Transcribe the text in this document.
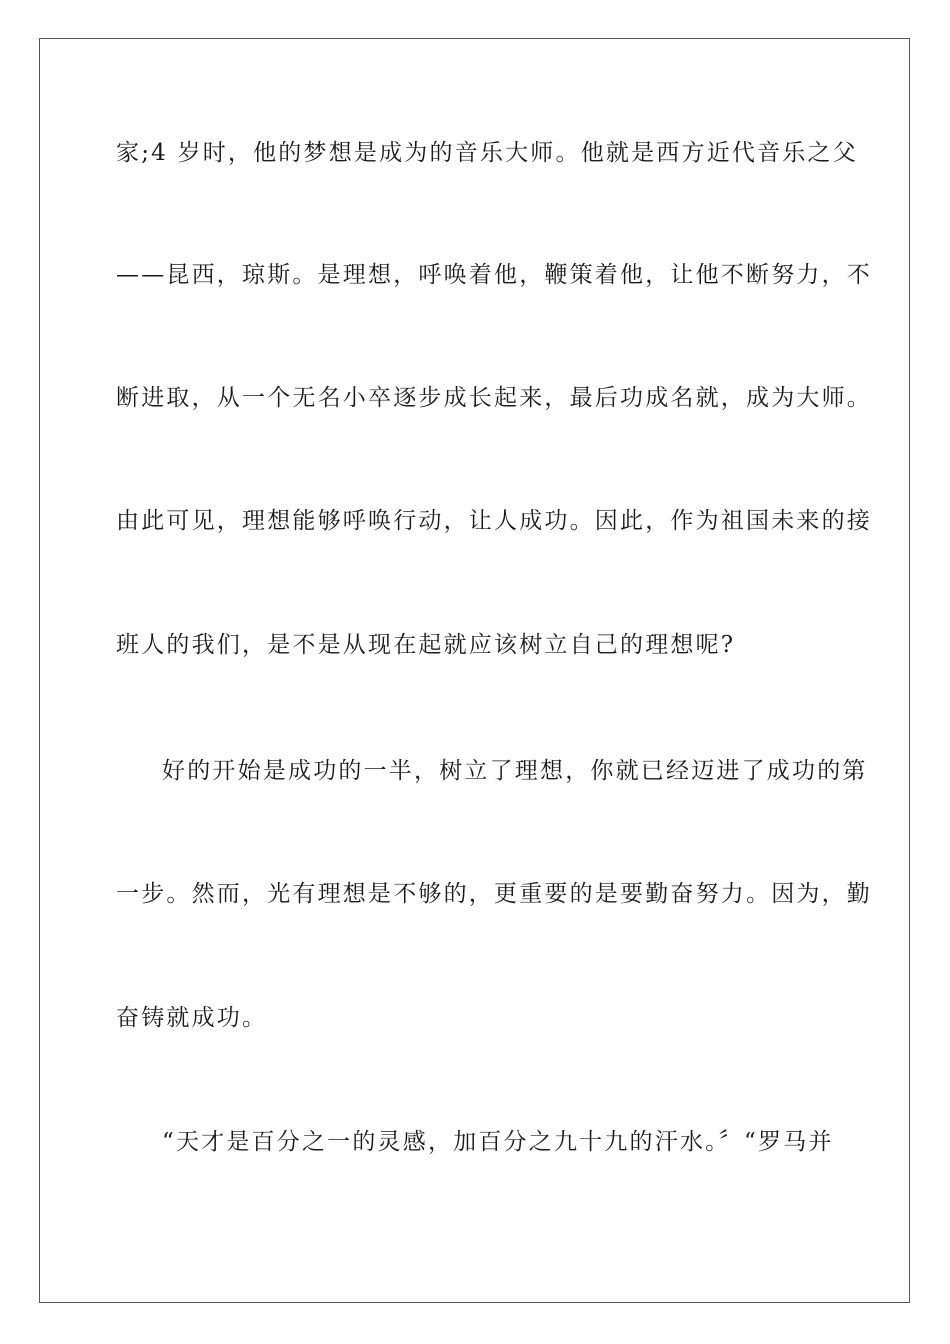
家;4 岁时，他的梦想是成为的音乐大师。他就是西方近代音乐之父
——昆西，琼斯。是理想，呼唤着他，鞭策着他，让他不断努力，不
断进取，从一个无名小卒逐步成长起来，最后功成名就，成为大师。
由此可见，理想能够呼唤行动，让人成功。因此，作为祖国未来的接
班人的我们，是不是从现在起就应该树立自己的理想呢?
好的开始是成功的一半，树立了理想，你就已经迈进了成功的第
一步。然而，光有理想是不够的，更重要的是要勤奋努力。因为，勤
奋铸就成功。
“天才是百分之一的灵感，加百分之九十九的汗水。〞“罗马并
